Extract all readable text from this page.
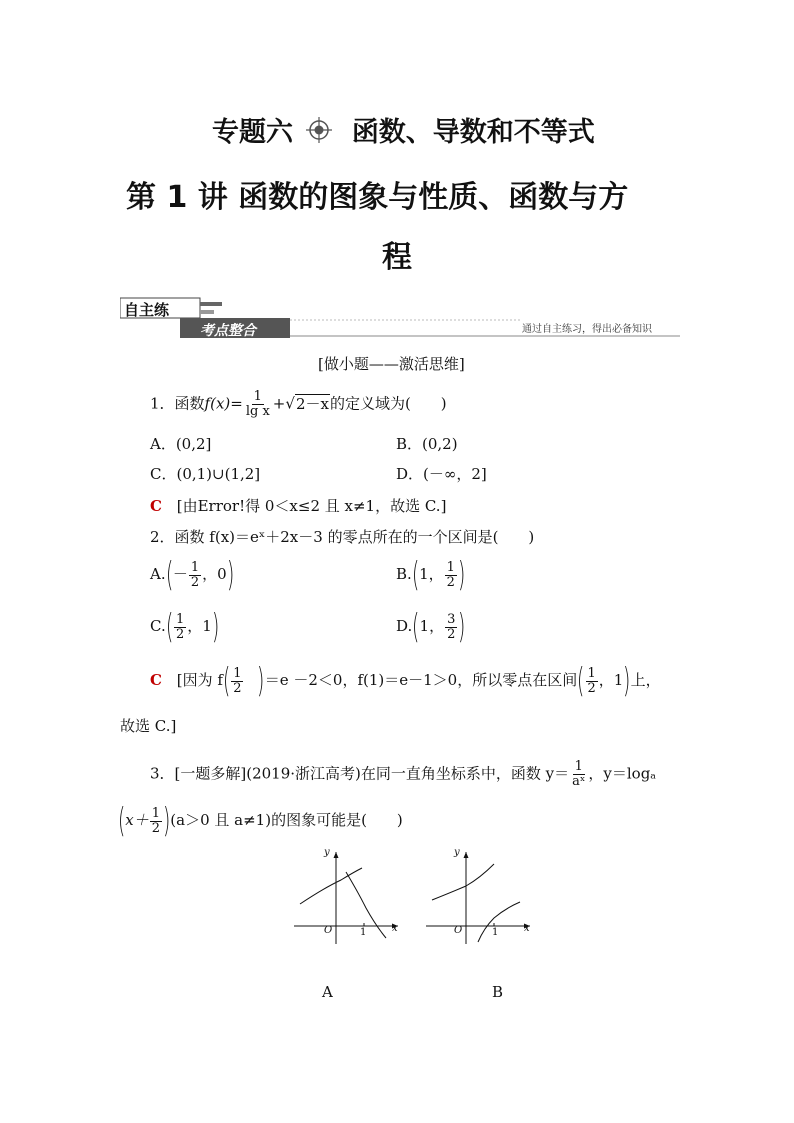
专题六 函数、导数和不等式
第 1 讲 函数的图象与性质、函数与方
程
自主练
考点整合	通过自主练习，得出必备知识
[做小题——激活思维]
1．函数$f(x)= \frac{1}{\text{lg x}} +√2-x$的定义域为(　　)
A．(0,2]	B．(0,2)
C．(0,1)∪(1,2]	D．(－∞，2]
C [由Error!得 0＜x≤2 且 x≠1，故选 C.]
2．函数 f(x)＝eˣ＋2x－3 的零点所在的一个区间是(　　)
$A.(- \frac{1}{2}$ ，0)	B.(1， $\frac{1}{2}$ )
$C.( \frac{1}{2}$ ，1)	D.(1， $\frac{3}{2}$ )
C [因为 $f( \frac{1}{2} )=e -2<0$，f(1)＝e－1＞0，所以零点在区间( $\frac{1}{2}$ ，1)上，
故选 C.]
3．[一题多解](2019·浙江高考)在同一直角坐标系中，函数 $y= \frac{1}{\text{aˣ}}$ ，y＝logₐ
$(x+ \frac{1}{2} )(a>0$ 且 a≠1)的图象可能是(　　)
y
x
O	1
A
y
x
O	1
B
